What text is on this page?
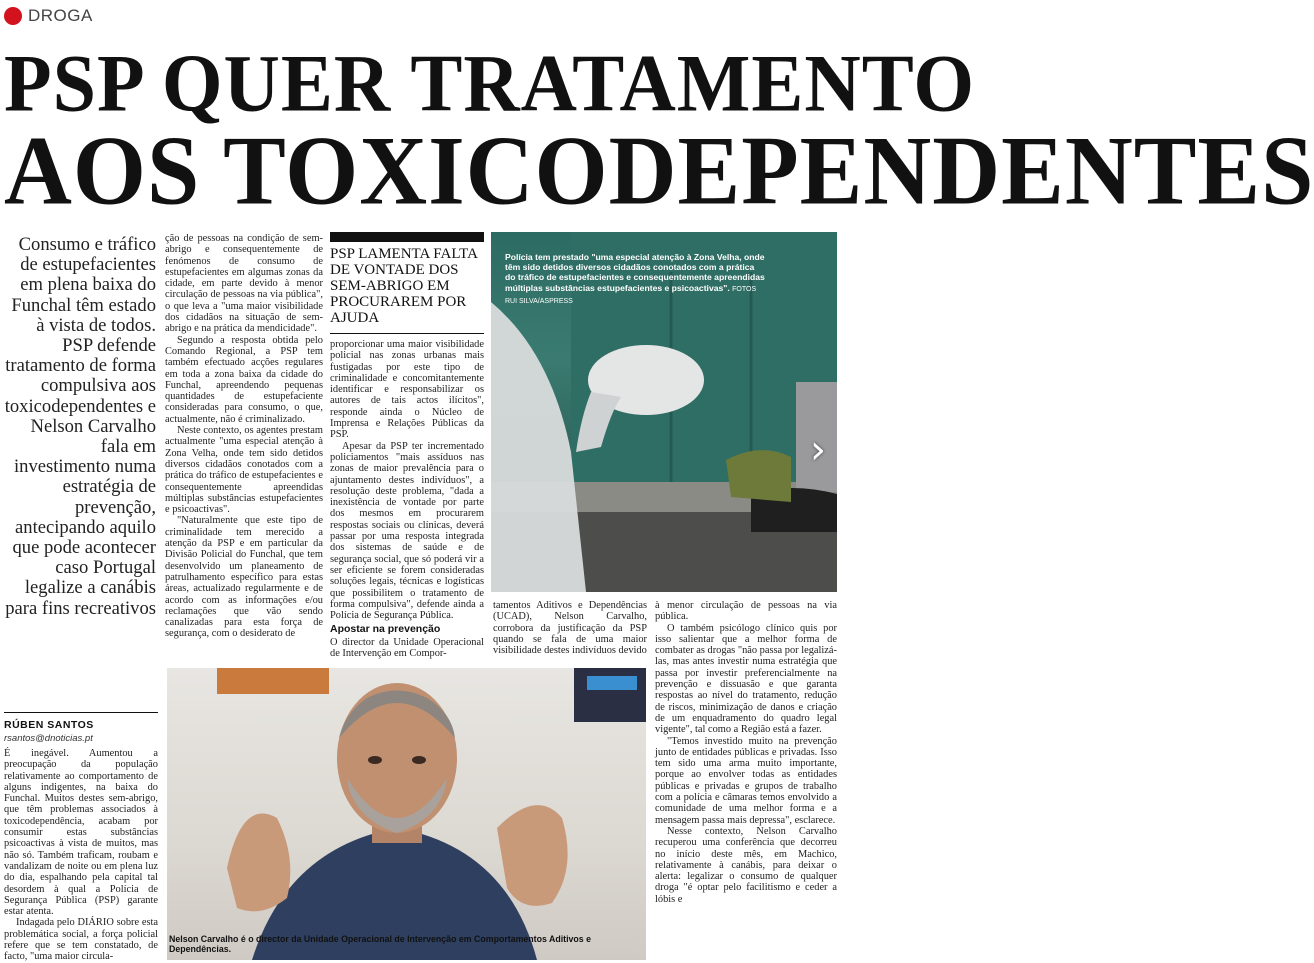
DROGA
PSP QUER TRATAMENTO
AOS TOXICODEPENDENTES
Consumo e tráfico de estupefacientes em plena baixa do Funchal têm estado à vista de todos. PSP defende tratamento de forma compulsiva aos toxicodependentes e Nelson Carvalho fala em investimento numa estratégia de prevenção, antecipando aquilo que pode acontecer caso Portugal legalize a canábis para fins recreativos
RÚBEN SANTOS
rsantos@dnoticias.pt

É inegável. Aumentou a preocupação da população relativamente ao comportamento de alguns indigentes, na baixa do Funchal. Muitos destes sem-abrigo, que têm problemas associados à toxicodependência, acabam por consumir estas substâncias psicoactivas à vista de muitos, mas não só. Também traficam, roubam e vandalizam de noite ou em plena luz do dia, espalhando pela capital tal desordem à qual a Polícia de Segurança Pública (PSP) garante estar atenta.

Indagada pelo DIÁRIO sobre esta problemática social, a força policial refere que se tem constatado, de facto, "uma maior circula-

ção de pessoas na condição de sem-abrigo e consequentemente de fenómenos de consumo de estupefacientes em algumas zonas da cidade, em parte devido à menor circulação de pessoas na via pública", o que leva a "uma maior visibilidade dos cidadãos na situação de sem-abrigo e na prática da mendicidade".

Segundo a resposta obtida pelo Comando Regional, a PSP tem também efectuado acções regulares em toda a zona baixa da cidade do Funchal, apreendendo pequenas quantidades de estupefaciente consideradas para consumo, o que, actualmente, não é criminalizado.

Neste contexto, os agentes prestam actualmente "uma especial atenção à Zona Velha, onde tem sido detidos diversos cidadãos conotados com a prática do tráfico de estupefacientes e consequentemente apreendidas múltiplas substâncias estupefacientes e psicoactivas".

"Naturalmente que este tipo de criminalidade tem merecido a atenção da PSP e em particular da Divisão Policial do Funchal, que tem desenvolvido um planeamento de patrulhamento específico para estas áreas, actualizado regularmente e de acordo com as informações e/ou reclamações que vão sendo canalizadas para esta força de segurança, com o desiderato de

PSP LAMENTA FALTA DE VONTADE DOS SEM-ABRIGO EM PROCURAREM POR AJUDA

proporcionar uma maior visibilidade policial nas zonas urbanas mais fustigadas por este tipo de criminalidade e concomitantemente identificar e responsabilizar os autores de tais actos ilícitos", responde ainda o Núcleo de Imprensa e Relações Públicas da PSP.

Apesar da PSP ter incrementado policiamentos "mais assíduos nas zonas de maior prevalência para o ajuntamento destes indivíduos", a resolução deste problema, "dada a inexistência de vontade por parte dos mesmos em procurarem respostas sociais ou clínicas, deverá passar por uma resposta integrada dos sistemas de saúde e de segurança social, que só poderá vir a ser eficiente se forem consideradas soluções legais, técnicas e logísticas que possibilitem o tratamento de forma compulsiva", defende ainda a Polícia de Segurança Pública.

Apostar na prevenção

O director da Unidade Operacional de Intervenção em Compor-

tamentos Aditivos e Dependências (UCAD), Nelson Carvalho, corrobora da justificação da PSP quando se fala de uma maior visibilidade destes indivíduos devido

à menor circulação de pessoas na via pública.

O também psicólogo clínico quis por isso salientar que a melhor forma de combater as drogas "não passa por legalizá-las, mas antes investir numa estratégia que passa por investir preferencialmente na prevenção e dissuasão e que garanta respostas ao nível do tratamento, redução de riscos, minimização de danos e criação de um enquadramento do quadro legal vigente", tal como a Região está a fazer.

"Temos investido muito na prevenção junto de entidades públicas e privadas. Isso tem sido uma arma muito importante, porque ao envolver todas as entidades públicas e privadas e grupos de trabalho com a polícia e câmaras temos envolvido a comunidade de uma melhor forma e a mensagem passa mais depressa", esclarece.

Nesse contexto, Nelson Carvalho recuperou uma conferência que decorreu no início deste mês, em Machico, relativamente à canábis, para deixar o alerta: legalizar o consumo de qualquer droga "é optar pelo facilitismo e ceder a lóbis e

Polícia tem prestado "uma especial atenção à Zona Velha, onde têm sido detidos diversos cidadãos conotados com a prática do tráfico de estupefacientes e consequentemente apreendidas múltiplas substâncias estupefacientes e psicoactivas". FOTOS RUI SILVA/ASPRESS
›
Nelson Carvalho é o director da Unidade Operacional de Intervenção em Comportamentos Aditivos e Dependências.
